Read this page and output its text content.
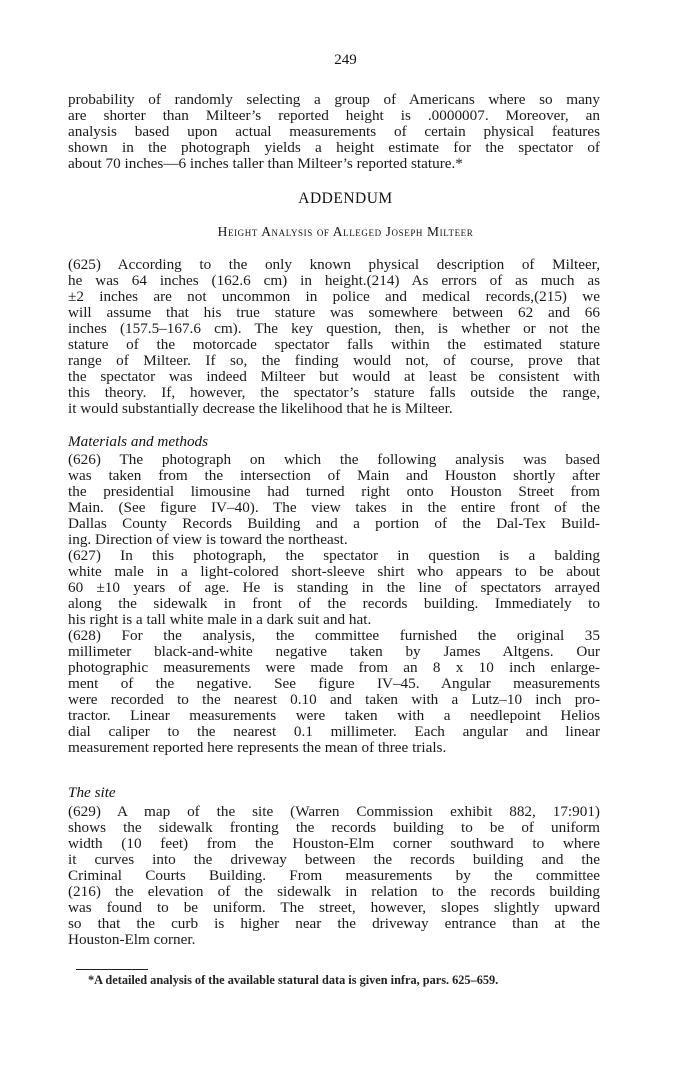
249
probability of randomly selecting a group of Americans where so many
are shorter than Milteer’s reported height is .0000007. Moreover, an
analysis based upon actual measurements of certain physical features
shown in the photograph yields a height estimate for the spectator of
about 70 inches—6 inches taller than Milteer’s reported stature.*
ADDENDUM
Height Analysis of Alleged Joseph Milteer
(625) According to the only known physical description of Milteer,
he was 64 inches (162.6 cm) in height.(214) As errors of as much as
±2 inches are not uncommon in police and medical records,(215) we
will assume that his true stature was somewhere between 62 and 66
inches (157.5–167.6 cm). The key question, then, is whether or not the
stature of the motorcade spectator falls within the estimated stature
range of Milteer. If so, the finding would not, of course, prove that
the spectator was indeed Milteer but would at least be consistent with
this theory. If, however, the spectator’s stature falls outside the range,
it would substantially decrease the likelihood that he is Milteer.
Materials and methods
(626) The photograph on which the following analysis was based
was taken from the intersection of Main and Houston shortly after
the presidential limousine had turned right onto Houston Street from
Main. (See figure IV–40). The view takes in the entire front of the
Dallas County Records Building and a portion of the Dal-Tex Build-
ing. Direction of view is toward the northeast.
(627) In this photograph, the spectator in question is a balding
white male in a light-colored short-sleeve shirt who appears to be about
60 ±10 years of age. He is standing in the line of spectators arrayed
along the sidewalk in front of the records building. Immediately to
his right is a tall white male in a dark suit and hat.
(628) For the analysis, the committee furnished the original 35
millimeter black-and-white negative taken by James Altgens. Our
photographic measurements were made from an 8 x 10 inch enlarge-
ment of the negative. See figure IV–45. Angular measurements
were recorded to the nearest 0.10 and taken with a Lutz–10 inch pro-
tractor. Linear measurements were taken with a needlepoint Helios
dial caliper to the nearest 0.1 millimeter. Each angular and linear
measurement reported here represents the mean of three trials.
The site
(629) A map of the site (Warren Commission exhibit 882, 17:901)
shows the sidewalk fronting the records building to be of uniform
width (10 feet) from the Houston-Elm corner southward to where
it curves into the driveway between the records building and the
Criminal Courts Building. From measurements by the committee
(216) the elevation of the sidewalk in relation to the records building
was found to be uniform. The street, however, slopes slightly upward
so that the curb is higher near the driveway entrance than at the
Houston-Elm corner.
*A detailed analysis of the available statural data is given infra, pars. 625–659.
